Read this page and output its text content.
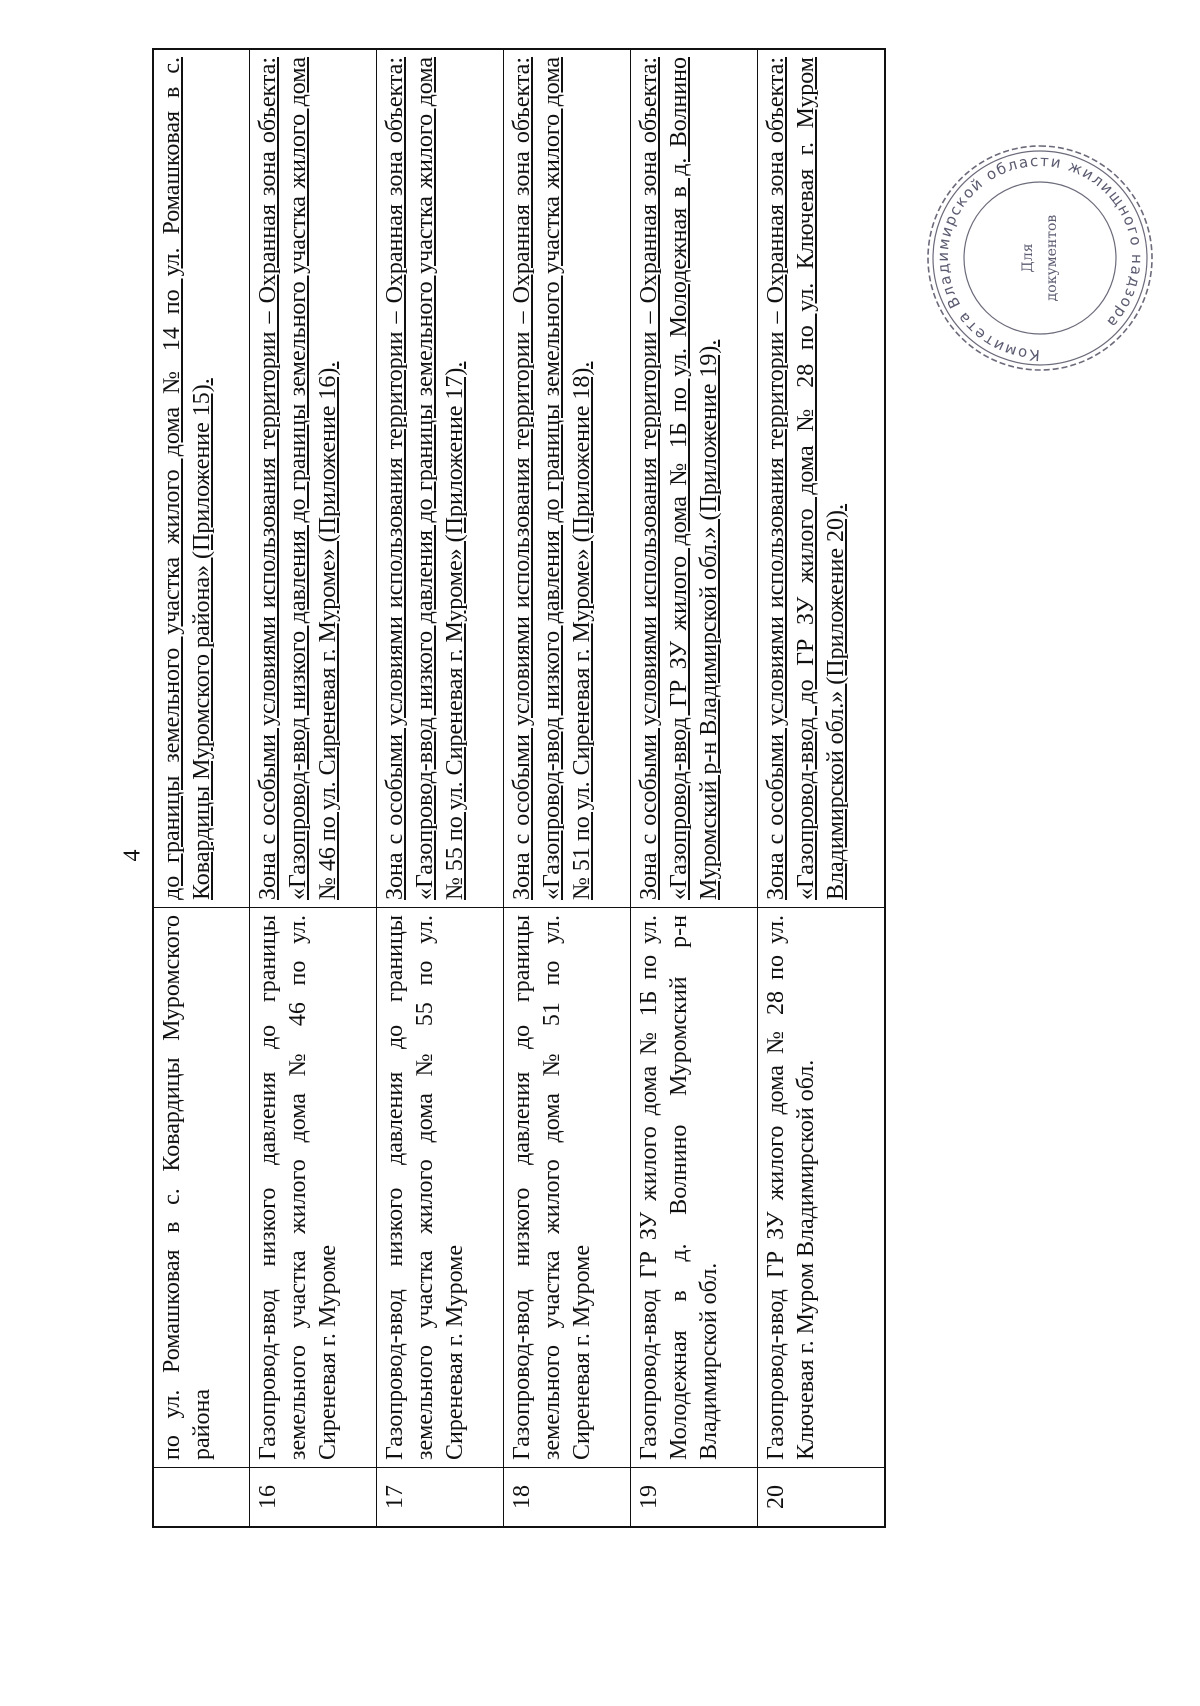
4
	по ул. Ромашковая в с. Ковардицы Муромского района	до границы земельного участка жилого дома № 14 по ул. Ромашковая в с. Ковардицы Муромского района» (Приложение 15).
16	Газопровод-ввод низкого давления до границы земельного участка жилого дома № 46 по ул. Сиреневая г. Муроме	Зона с особыми условиями использования территории – Охранная зона объекта: «Газопровод-ввод низкого давления до границы земельного участка жилого дома № 46 по ул. Сиреневая г. Муроме» (Приложение 16).
17	Газопровод-ввод низкого давления до границы земельного участка жилого дома № 55 по ул. Сиреневая г. Муроме	Зона с особыми условиями использования территории – Охранная зона объекта: «Газопровод-ввод низкого давления до границы земельного участка жилого дома № 55 по ул. Сиреневая г. Муроме» (Приложение 17).
18	Газопровод-ввод низкого давления до границы земельного участка жилого дома № 51 по ул. Сиреневая г. Муроме	Зона с особыми условиями использования территории – Охранная зона объекта: «Газопровод-ввод низкого давления до границы земельного участка жилого дома № 51 по ул. Сиреневая г. Муроме» (Приложение 18).
19	Газопровод-ввод ГР ЗУ жилого дома № 1Б по ул. Молодежная в д. Волнино Муромский р-н Владимирской обл.	Зона с особыми условиями использования территории – Охранная зона объекта: «Газопровод-ввод ГР ЗУ жилого дома № 1Б по ул. Молодежная в д. Волнино Муромский р-н Владимирской обл.» (Приложение 19).
20	Газопровод-ввод ГР ЗУ жилого дома № 28 по ул. Ключевая г. Муром Владимирской обл.	Зона с особыми условиями использования территории – Охранная зона объекта: «Газопровод-ввод до ГР ЗУ жилого дома № 28 по ул. Ключевая г. Муром Владимирской обл.» (Приложение 20).
Комитета Владимирской области жилищного надзора
Для документов
